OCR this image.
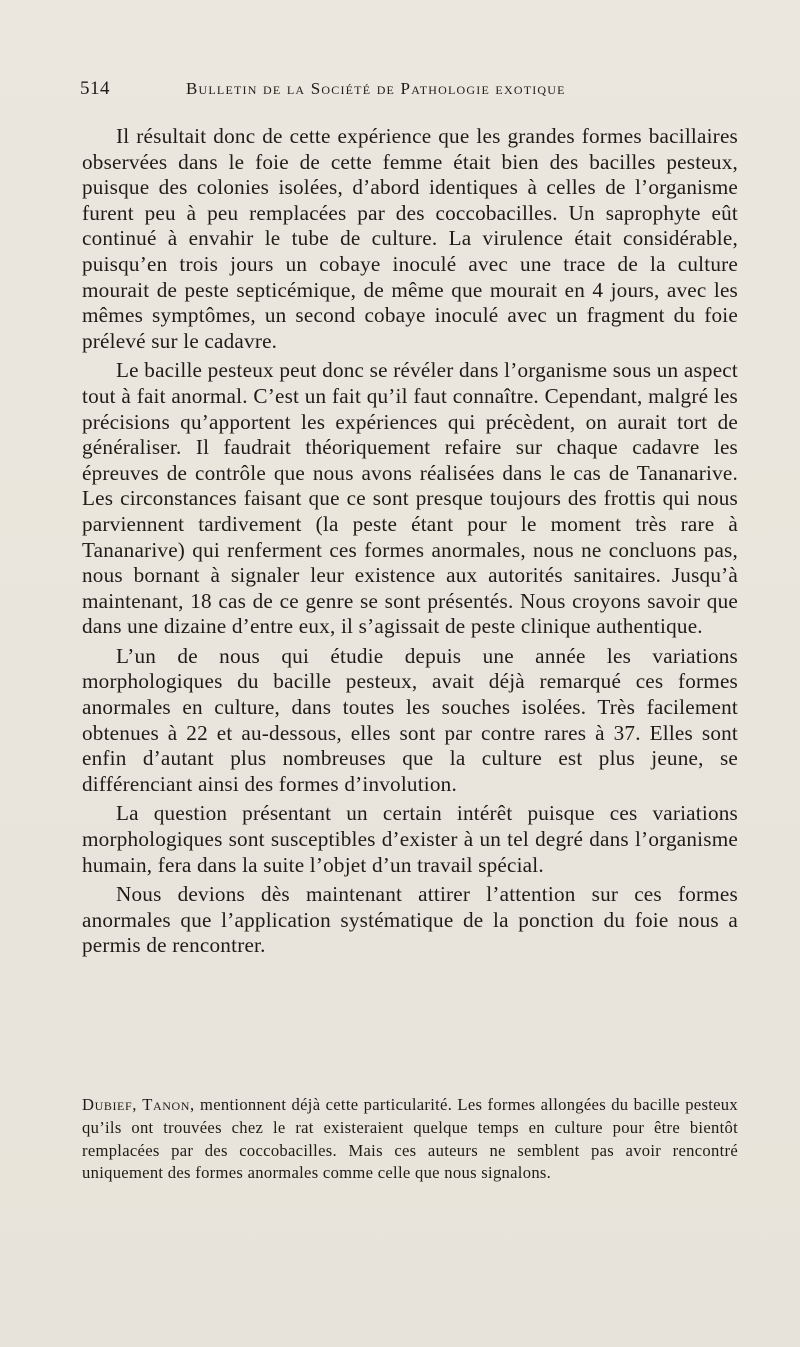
514	Bulletin de la Société de Pathologie exotique

Il résultait donc de cette expérience que les grandes formes bacillaires observées dans le foie de cette femme était bien des bacilles pesteux, puisque des colonies isolées, d’abord identiques à celles de l’organisme furent peu à peu remplacées par des coccobacilles. Un saprophyte eût continué à envahir le tube de culture. La virulence était considérable, puisqu’en trois jours un cobaye inoculé avec une trace de la culture mourait de peste septicémique, de même que mourait en 4 jours, avec les mêmes symptômes, un second cobaye inoculé avec un fragment du foie prélevé sur le cadavre.

Le bacille pesteux peut donc se révéler dans l’organisme sous un aspect tout à fait anormal. C’est un fait qu’il faut connaître. Cependant, malgré les précisions qu’apportent les expériences qui précèdent, on aurait tort de généraliser. Il faudrait théoriquement refaire sur chaque cadavre les épreuves de contrôle que nous avons réalisées dans le cas de Tananarive. Les circonstances faisant que ce sont presque toujours des frottis qui nous parviennent tardivement (la peste étant pour le moment très rare à Tananarive) qui renferment ces formes anormales, nous ne concluons pas, nous bornant à signaler leur existence aux autorités sanitaires. Jusqu’à maintenant, 18 cas de ce genre se sont présentés. Nous croyons savoir que dans une dizaine d’entre eux, il s’agissait de peste clinique authentique.

L’un de nous qui étudie depuis une année les variations morphologiques du bacille pesteux, avait déjà remarqué ces formes anormales en culture, dans toutes les souches isolées. Très facilement obtenues à 22 et au-dessous, elles sont par contre rares à 37. Elles sont enfin d’autant plus nombreuses que la culture est plus jeune, se différenciant ainsi des formes d’involution.

La question présentant un certain intérêt puisque ces variations morphologiques sont susceptibles d’exister à un tel degré dans l’organisme humain, fera dans la suite l’objet d’un travail spécial.

Nous devions dès maintenant attirer l’attention sur ces formes anormales que l’application systématique de la ponction du foie nous a permis de rencontrer.

Dubief, Tanon, mentionnent déjà cette particularité. Les formes allongées du bacille pesteux qu’ils ont trouvées chez le rat existeraient quelque temps en culture pour être bientôt remplacées par des coccobacilles. Mais ces auteurs ne semblent pas avoir rencontré uniquement des formes anormales comme celle que nous signalons.
